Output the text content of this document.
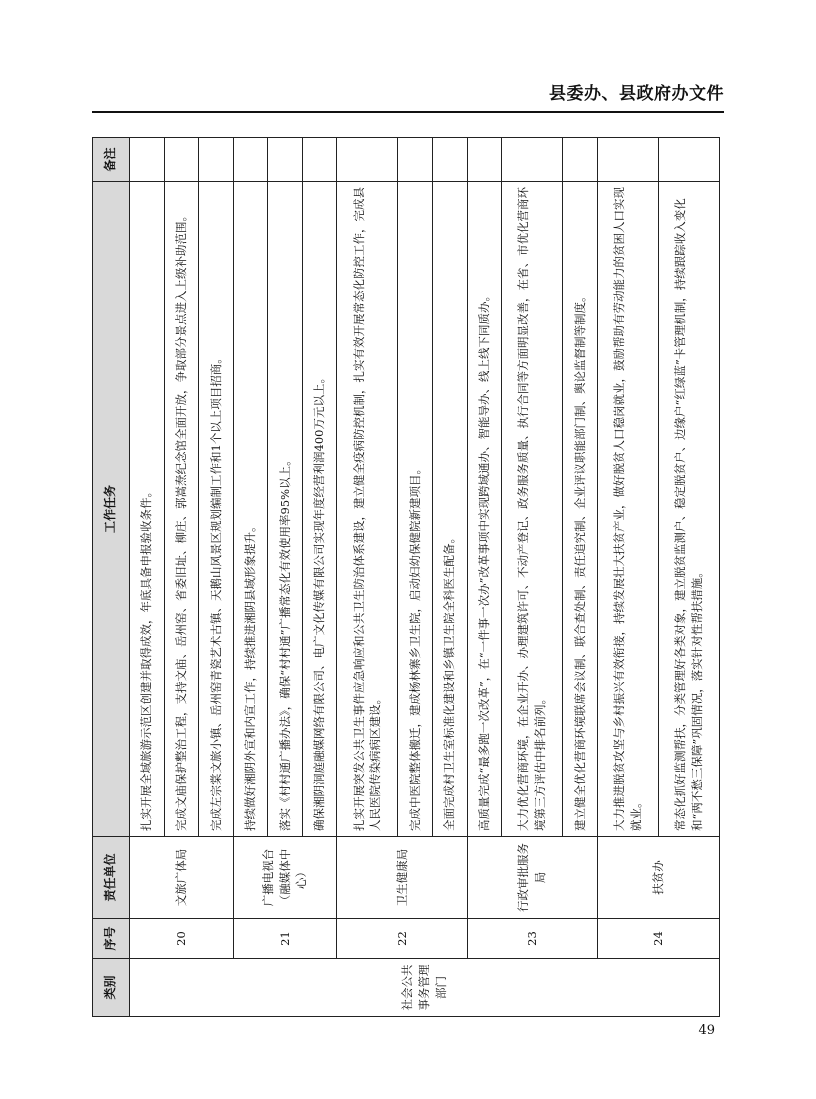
县委办、县政府办文件
类别	序号	责任单位	工作任务	备注
社会公共事务管理部门	20	文旅广体局	扎实开展全域旅游示范区创建并取得成效，年底具备申报验收条件。	
			完成文庙保护整治工程，支持文庙、岳州窑、省委旧址、柳庄、郭嵩焘纪念馆全面开放，争取部分景点进入上级补助范围。	
			完成左宗棠文旅小镇、岳州窑青瓷艺术古镇、天鹅山风景区规划编制工作和1个以上项目招商。	
	21	广播电视台（融媒体中心）	持续做好湘阴外宣和内宣工作，持续推进湘阴县域形象提升。	
			落实《村村通广播办法》，确保“村村通”广播常态化有效使用率95%以上。	
			确保湘阴洞庭融媒网络有限公司、电广文化传媒有限公司实现年度经营利润400万元以上。	
	22	卫生健康局	扎实开展突发公共卫生事件应急响应和公共卫生防治体系建设，建立健全疫病防控机制，扎实有效开展常态化防控工作，完成县人民医院传染病病区建设。	
			完成中医院整体搬迁，建成杨林寨乡卫生院，启动妇幼保健院新建项目。	
			全面完成村卫生室标准化建设和乡镇卫生院全科医生配备。	
	23	行政审批服务局	高质量完成“最多跑一次改革”，在“一件事一次办”改革事项中实现跨域通办、智能导办、线上线下同质办。	
			大力优化营商环境，在企业开办、办理建筑许可、不动产登记、政务服务质量、执行合同等方面明显改善，在省、市优化营商环境第三方评估中排名前列。	
			建立健全优化营商环境联席会议制、联合查处制、责任追究制、企业评议职能部门制、舆论监督制等制度。	
	24	扶贫办	大力推进脱贫攻坚与乡村振兴有效衔接，持续发展壮大扶贫产业，做好脱贫人口稳岗就业，鼓励帮助有劳动能力的贫困人口实现就业。	
			常态化抓好监测帮扶，分类管理好各类对象，建立脱贫监测户、稳定脱贫户、边缘户“红绿蓝”卡管理机制，持续跟踪收入变化和“两不愁三保障”巩固情况，落实针对性帮扶措施。	
49
